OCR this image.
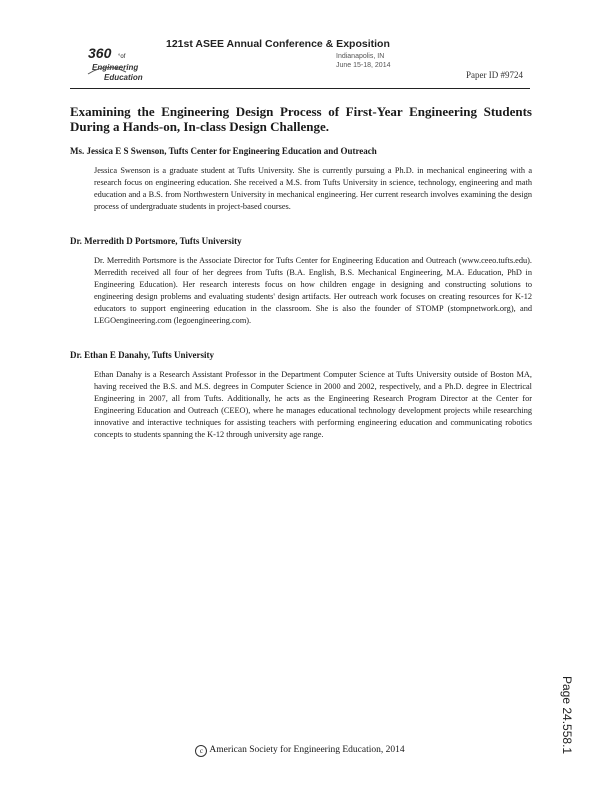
360 °of
Engineering
Education
121st ASEE Annual Conference & Exposition
Indianapolis, IN
June 15-18, 2014
Paper ID #9724
Examining the Engineering Design Process of First-Year Engineering Students During a Hands-on, In-class Design Challenge.

Ms. Jessica E S Swenson, Tufts Center for Engineering Education and Outreach

Jessica Swenson is a graduate student at Tufts University. She is currently pursuing a Ph.D. in mechanical engineering with a research focus on engineering education. She received a M.S. from Tufts University in science, technology, engineering and math education and a B.S. from Northwestern University in mechanical engineering. Her current research involves examining the design process of undergraduate students in project-based courses.

Dr. Merredith D Portsmore, Tufts University

Dr. Merredith Portsmore is the Associate Director for Tufts Center for Engineering Education and Outreach (www.ceeo.tufts.edu). Merredith received all four of her degrees from Tufts (B.A. English, B.S. Mechanical Engineering, M.A. Education, PhD in Engineering Education). Her research interests focus on how children engage in designing and constructing solutions to engineering design problems and evaluating students' design artifacts. Her outreach work focuses on creating resources for K-12 educators to support engineering education in the classroom. She is also the founder of STOMP (stompnetwork.org), and LEGOengineering.com (legoengineering.com).

Dr. Ethan E Danahy, Tufts University

Ethan Danahy is a Research Assistant Professor in the Department Computer Science at Tufts University outside of Boston MA, having received the B.S. and M.S. degrees in Computer Science in 2000 and 2002, respectively, and a Ph.D. degree in Electrical Engineering in 2007, all from Tufts. Additionally, he acts as the Engineering Research Program Director at the Center for Engineering Education and Outreach (CEEO), where he manages educational technology development projects while researching innovative and interactive techniques for assisting teachers with performing engineering education and communicating robotics concepts to students spanning the K-12 through university age range.

c American Society for Engineering Education, 2014	Page 24.558.1
